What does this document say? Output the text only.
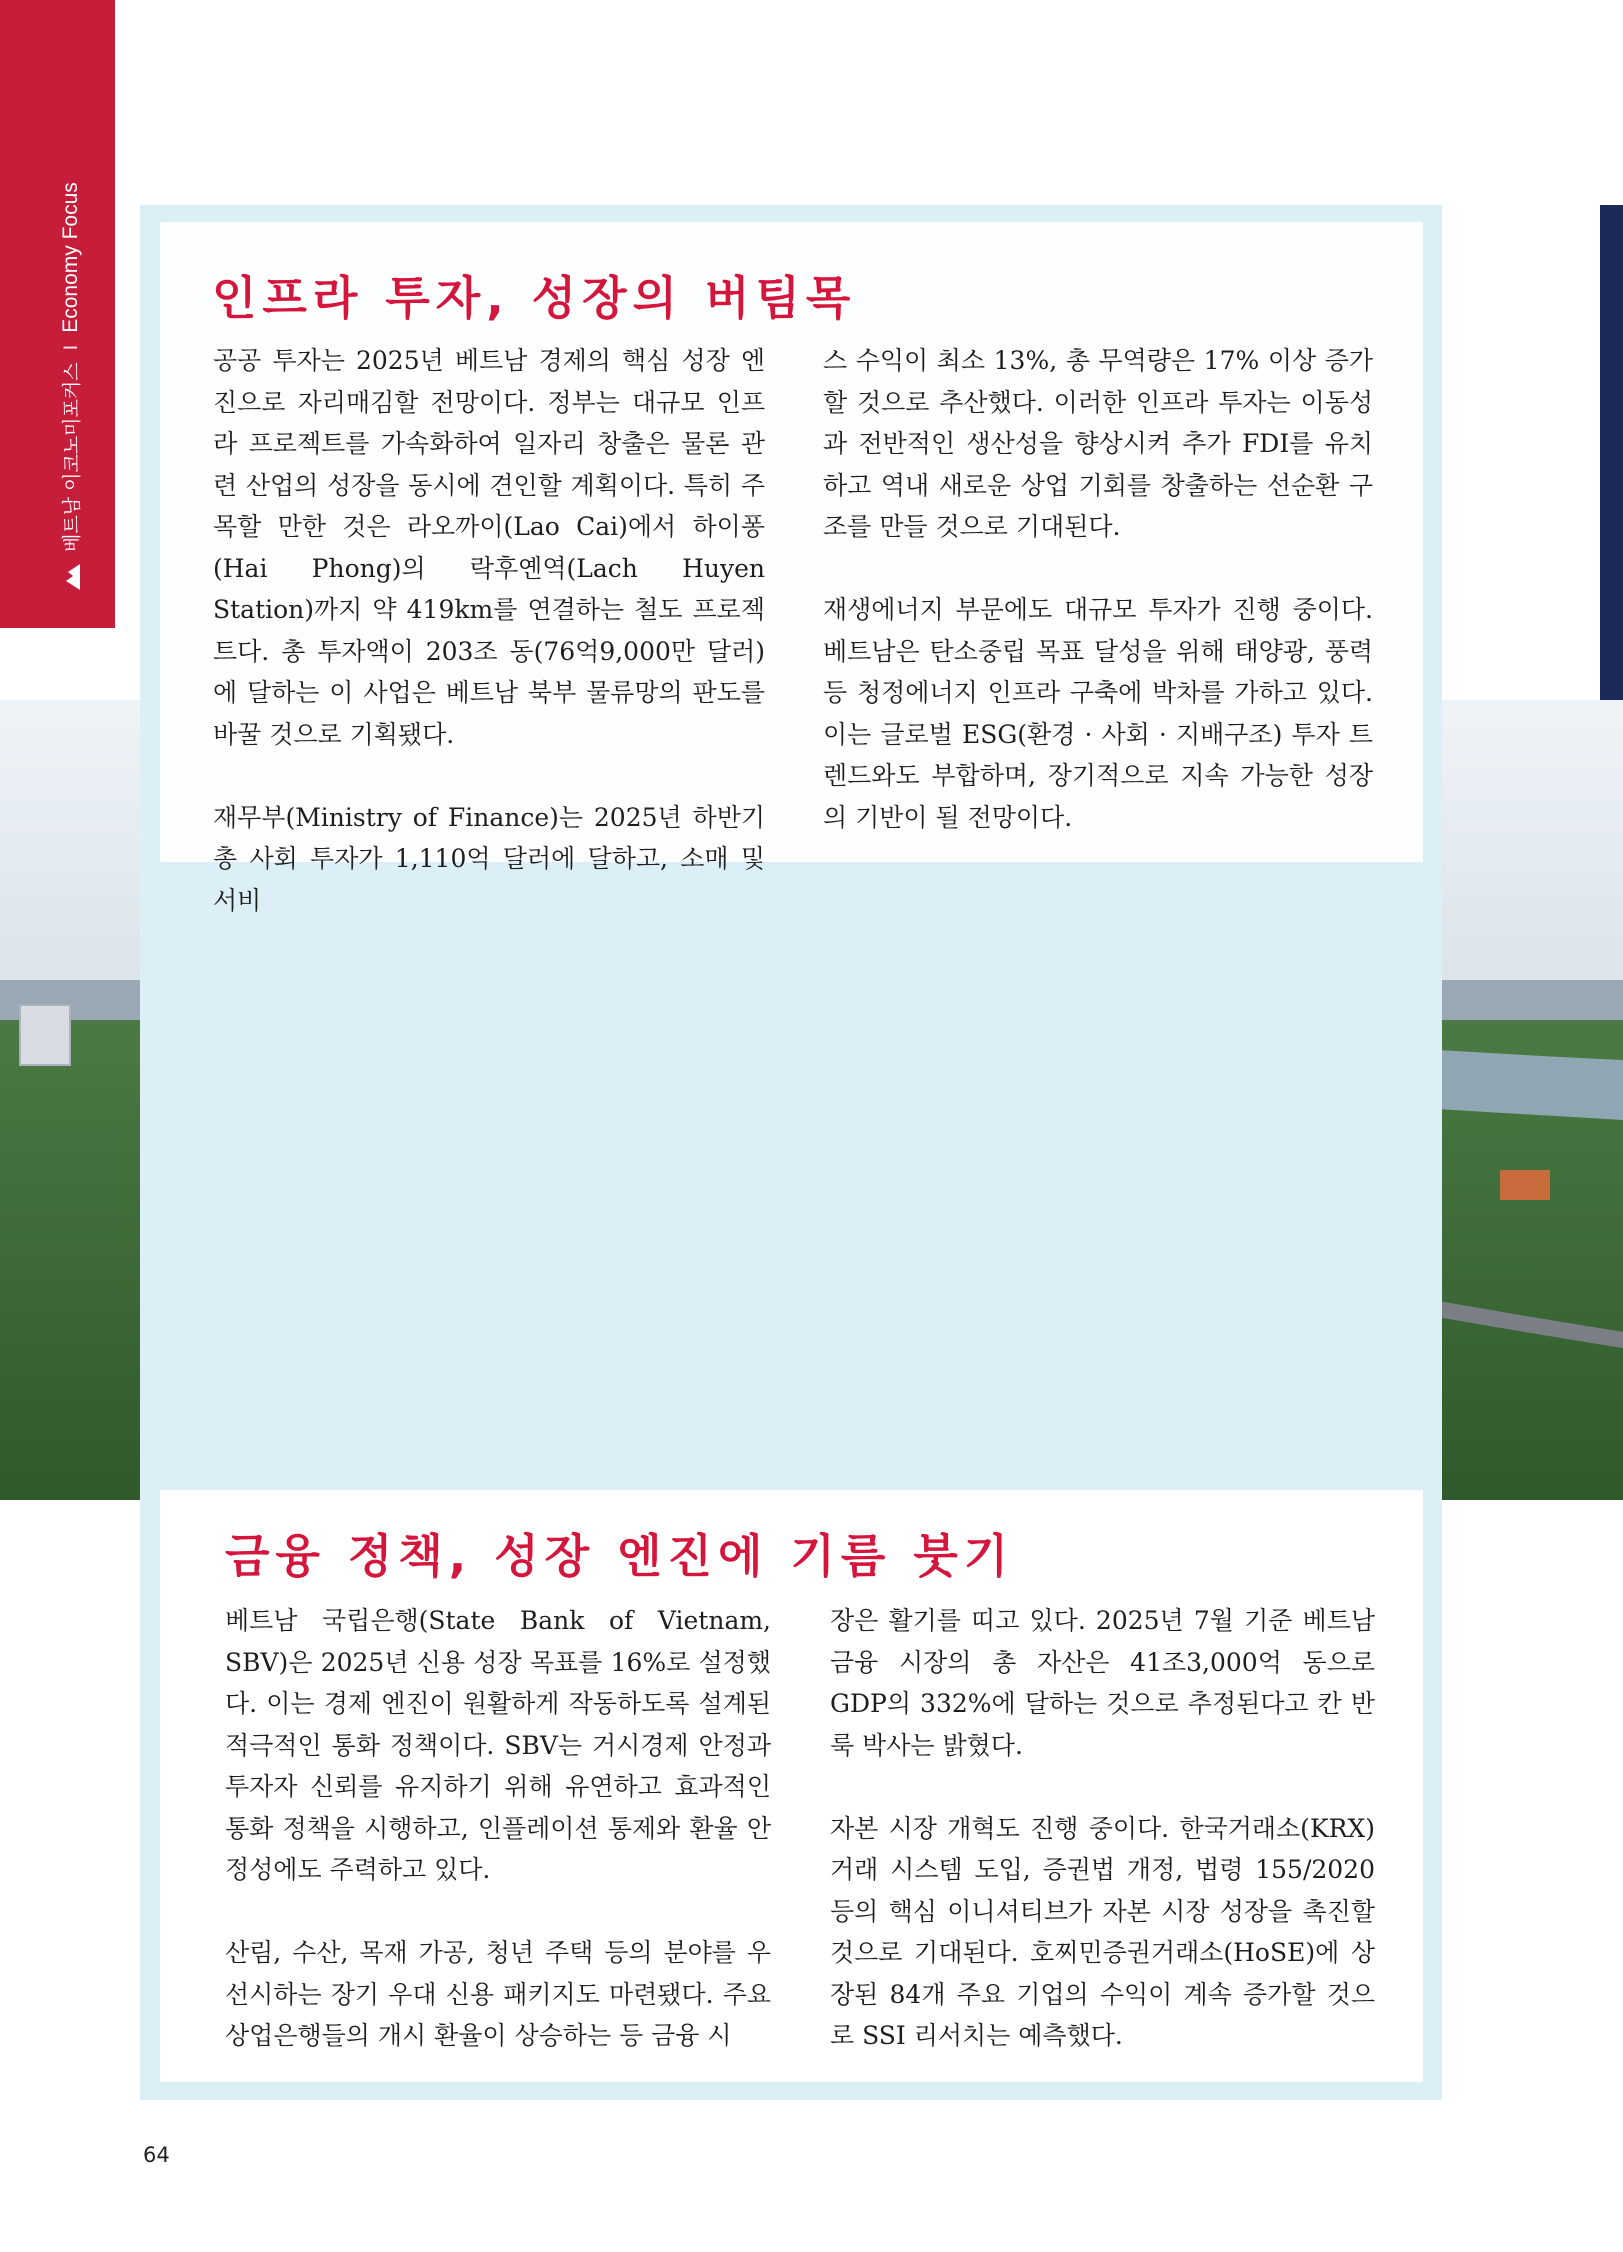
베트남 이코노미포커스
I
Economy Focus	인프라 투자, 성장의 버팀목

공공 투자는 2025년 베트남 경제의 핵심 성장 엔진으로 자리매김할 전망이다. 정부는 대규모 인프라 프로젝트를 가속화하여 일자리 창출은 물론 관련 산업의 성장을 동시에 견인할 계획이다. 특히 주목할 만한 것은 라오까이(Lao Cai)에서 하이퐁(Hai Phong)의 락후옌역(Lach Huyen Station)까지 약 419km를 연결하는 철도 프로젝트다. 총 투자액이 203조 동(76억9,000만 달러)에 달하는 이 사업은 베트남 북부 물류망의 판도를 바꿀 것으로 기획됐다.

재무부(Ministry of Finance)는 2025년 하반기 총 사회 투자가 1,110억 달러에 달하고, 소매 및 서비

스 수익이 최소 13%, 총 무역량은 17% 이상 증가할 것으로 추산했다. 이러한 인프라 투자는 이동성과 전반적인 생산성을 향상시켜 추가 FDI를 유치하고 역내 새로운 상업 기회를 창출하는 선순환 구조를 만들 것으로 기대된다.

재생에너지 부문에도 대규모 투자가 진행 중이다. 베트남은 탄소중립 목표 달성을 위해 태양광, 풍력 등 청정에너지 인프라 구축에 박차를 가하고 있다. 이는 글로벌 ESG(환경 · 사회 · 지배구조) 투자 트렌드와도 부합하며, 장기적으로 지속 가능한 성장의 기반이 될 전망이다.

금융 정책, 성장 엔진에 기름 붓기

베트남 국립은행(State Bank of Vietnam, SBV)은 2025년 신용 성장 목표를 16%로 설정했다. 이는 경제 엔진이 원활하게 작동하도록 설계된 적극적인 통화 정책이다. SBV는 거시경제 안정과 투자자 신뢰를 유지하기 위해 유연하고 효과적인 통화 정책을 시행하고, 인플레이션 통제와 환율 안정성에도 주력하고 있다.

산림, 수산, 목재 가공, 청년 주택 등의 분야를 우선시하는 장기 우대 신용 패키지도 마련됐다. 주요 상업은행들의 개시 환율이 상승하는 등 금융 시

장은 활기를 띠고 있다. 2025년 7월 기준 베트남 금융 시장의 총 자산은 41조3,000억 동으로 GDP의 332%에 달하는 것으로 추정된다고 칸 반 룩 박사는 밝혔다.

자본 시장 개혁도 진행 중이다. 한국거래소(KRX) 거래 시스템 도입, 증권법 개정, 법령 155/2020 등의 핵심 이니셔티브가 자본 시장 성장을 촉진할 것으로 기대된다. 호찌민증권거래소(HoSE)에 상장된 84개 주요 기업의 수익이 계속 증가할 것으로 SSI 리서치는 예측했다.

64
